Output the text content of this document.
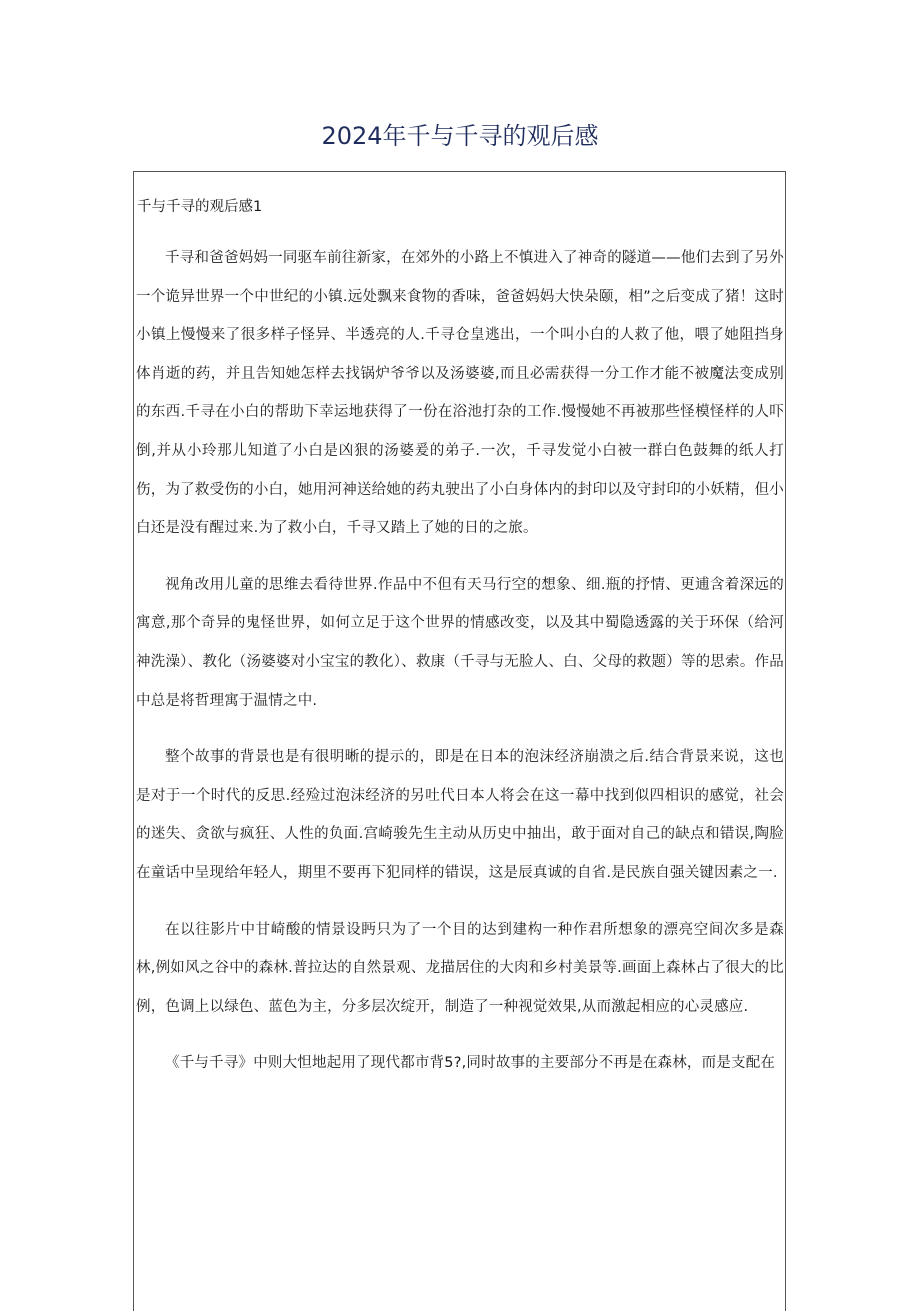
2024年千与千寻的观后感
千与千寻的观后感1

千寻和爸爸妈妈一同驱车前往新家，在郊外的小路上不慎进入了神奇的隧道——他们去到了另外一个诡异世界一个中世纪的小镇.远处飘来食物的香味，爸爸妈妈大快朵颐，相”之后变成了猪！这时小镇上慢慢来了很多样子怪异、半透亮的人.千寻仓皇逃出，一个叫小白的人救了他，喂了她阻挡身体肖逝的药，并且告知她怎样去找锅炉爷爷以及汤婆婆,而且必需获得一分工作才能不被魔法变成别的东西.千寻在小白的帮助下幸运地获得了一份在浴池打杂的工作.慢慢她不再被那些怪模怪样的人吓倒,并从小玲那儿知道了小白是凶狠的汤婆爰的弟子.一次，千寻发觉小白被一群白色鼓舞的纸人打伤，为了救受伤的小白，她用河神送给她的药丸驶出了小白身体内的封印以及守封印的小妖精，但小白还是没有醒过来.为了救小白，千寻又踏上了她的日的之旅。

视角改用儿童的思维去看待世界.作品中不但有天马行空的想象、细.瓶的抒情、更逋含着深远的寓意,那个奇异的鬼怪世界，如何立足于这个世界的情感改变，以及其中蜀隐透露的关于环保（给河神洗澡）、教化（汤婆婆对小宝宝的教化）、救康（千寻与无脸人、白、父母的救题）等的思索。作品中总是将哲理寓于温情之中.

整个故事的背景也是有很明晰的提示的，即是在日本的泡沫经济崩溃之后.结合背景来说，这也是对于一个时代的反思.经殓过泡沫经济的另吐代日本人将会在这一幕中找到似四相识的感觉，社会的迷失、贪欲与疯狂、人性的负面.宫崎骏先生主动从历史中抽出，敢于面对自己的缺点和错误,陶脸在童话中呈现给年轻人，期里不要再下犯同样的错误，这是辰真诚的自省.是民族自强关键因素之一.

在以往影片中甘崎酸的情景设眄只为了一个目的达到建构一种作君所想象的漂亮空间次多是森林,例如风之谷中的森林.普拉达的自然景观、龙描居住的大肉和乡村美景等.画面上森林占了很大的比例，色调上以绿色、蓝色为主，分多层次绽开，制造了一种视觉效果,从而激起相应的心灵感应.

《千与千寻》中则大怛地起用了现代都市背5?,同时故事的主要部分不再是在森林，而是支配在
